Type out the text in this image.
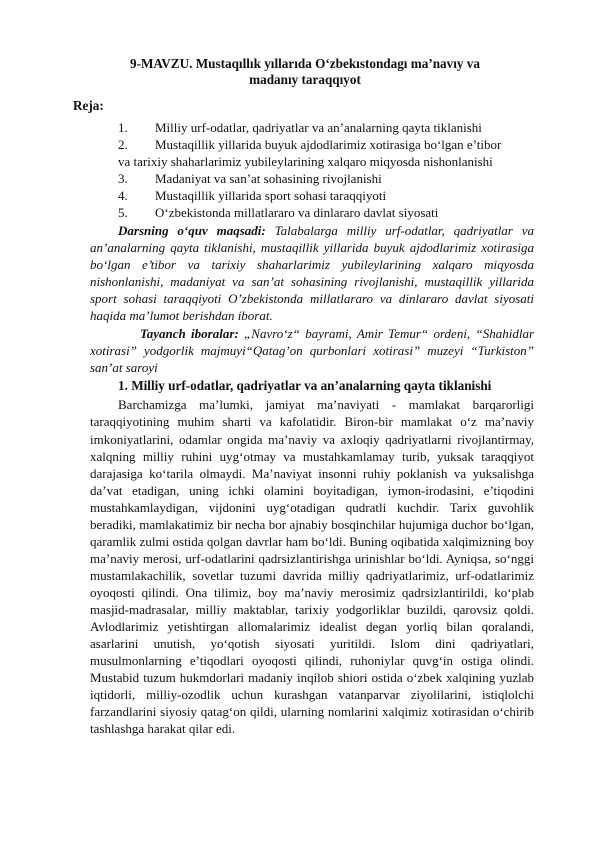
9-MAVZU. Mustaqıllık yıllarıda O‘zbekıstondagı ma’navıy va
madanıy taraqqıyot
Reja:
1.	Milliy urf-odatlar, qadriyatlar va an’analarning qayta tiklanishi
2.	Mustaqillik yillarida buyuk ajdodlarimiz xotirasiga bo‘lgan e’tibor
va tarixiy shaharlarimiz yubileylarining xalqaro miqyosda nishonlanishi
3.	Madaniyat va san’at sohasining rivojlanishi
4.	Mustaqillik yillarida sport sohasi taraqqiyoti
5.	O‘zbekistonda millatlararo va dinlararo davlat siyosati

Darsning o‘quv maqsadi: Talabalarga milliy urf-odatlar, qadriyatlar va an’analarning qayta tiklanishi, mustaqillik yillarida buyuk ajdodlarimiz xotirasiga bo‘lgan e’tibor va tarixiy shaharlarimiz yubileylarining xalqaro miqyosda nishonlanishi, madaniyat va san’at sohasining rivojlanishi, mustaqillik yillarida sport sohasi taraqqiyoti O’zbekistonda millatlararo va dinlararo davlat siyosati haqida ma’lumot berishdan iborat.

Tayanch iboralar: „Navro‘z“ bayrami, Amir Temur“ ordeni, “Shahidlar xotirasi” yodgorlik majmuyi“Qatag’on qurbonlari xotirasi” muzeyi “Turkiston” san’at saroyi

1. Milliy urf-odatlar, qadriyatlar va an’analarning qayta tiklanishi

Barchamizga ma’lumki, jamiyat ma’naviyati - mamlakat barqarorligi taraqqiyotining muhim sharti va kafolatidir. Biron-bir mamlakat o‘z ma’naviy imkoniyatlarini, odamlar ongida ma’naviy va axloqiy qadriyatlarni rivojlantirmay, xalqning milliy ruhini uyg‘otmay va mustahkamlamay turib, yuksak taraqqiyot darajasiga ko‘tarila olmaydi. Ma’naviyat insonni ruhiy poklanish va yuksalishga da’vat etadigan, uning ichki olamini boyitadigan, iymon-irodasini, e’tiqodini mustahkamlaydigan, vijdonini uyg‘otadigan qudratli kuchdir. Tarix guvohlik beradiki, mamlakatimiz bir necha bor ajnabiy bosqinchilar hujumiga duchor bo‘lgan, qaramlik zulmi ostida qolgan davrlar ham bo‘ldi. Buning oqibatida xalqimizning boy ma’naviy merosi, urf-odatlarini qadrsizlantirishga urinishlar bo‘ldi. Ayniqsa, so‘nggi mustamlakachilik, sovetlar tuzumi davrida milliy qadriyatlarimiz, urf-odatlarimiz oyoqosti qilindi. Ona tilimiz, boy ma’naviy merosimiz qadrsizlantirildi, ko‘plab masjid-madrasalar, milliy maktablar, tarixiy yodgorliklar buzildi, qarovsiz qoldi. Avlodlarimiz yetishtirgan allomalarimiz idealist degan yorliq bilan qoralandi, asarlarini unutish, yo‘qotish siyosati yuritildi. Islom dini qadriyatlari, musulmonlarning e’tiqodlari oyoqosti qilindi, ruhoniylar quvg‘in ostiga olindi. Mustabid tuzum hukmdorlari madaniy inqilob shiori ostida o‘zbek xalqining yuzlab iqtidorli, milliy-ozodlik uchun kurashgan vatanparvar ziyolilarini, istiqlolchi farzandlarini siyosiy qatag‘on qildi, ularning nomlarini xalqimiz xotirasidan o‘chirib tashlashga harakat qilar edi.
